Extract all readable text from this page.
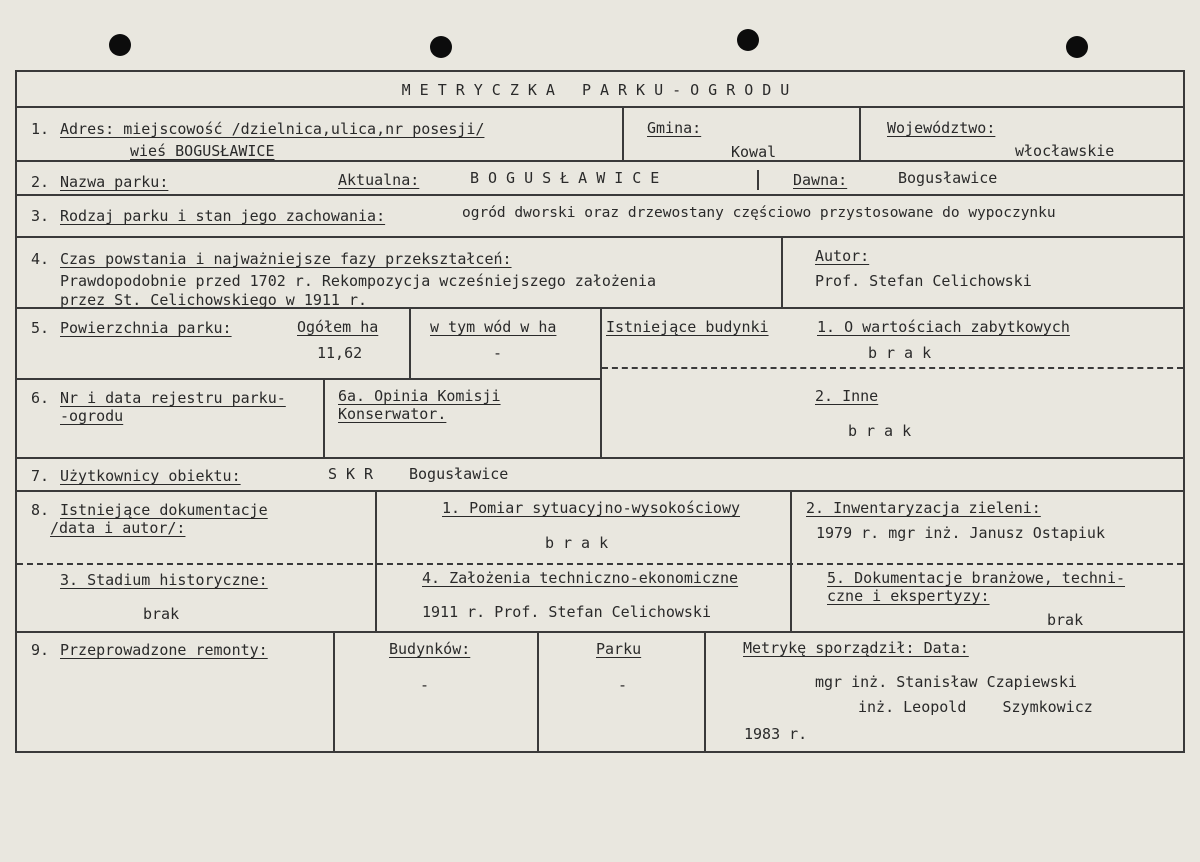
METRYCZKA PARKU-OGRODU
1. Adres: miejscowość /dzielnica,ulica,nr posesji/
wieś BOGUSŁAWICE
Gmina:
Kowal
Województwo:
włocławskie
2. Nazwa parku:	Aktualna:	BOGUSŁAWICE	Dawna:	Bogusławice
3. Rodzaj parku i stan jego zachowania:	ogród dworski oraz drzewostany częściowo przystosowane do wypoczynku
4. Czas powstania i najważniejsze fazy przekształceń:
Prawdopodobnie przed 1702 r. Rekompozycja wcześniejszego założenia
przez St. Celichowskiego w 1911 r.
Autor:
Prof. Stefan Celichowski
5. Powierzchnia parku:	Ogółem ha
11,62
w tym wód w ha
-
Istniejące budynki	1. O wartościach zabytkowych
brak
2. Inne
brak
6. Nr i data rejestru parku-
-ogrodu
6a. Opinia Komisji
Konserwator.
7. Użytkownicy obiektu:	SKR Bogusławice
8. Istniejące dokumentacje
/data i autor/:
1. Pomiar sytuacyjno-wysokościowy
brak
2. Inwentaryzacja zieleni:
1979 r. mgr inż. Janusz Ostapiuk
3. Stadium historyczne:
brak
4. Założenia techniczno-ekonomiczne
1911 r. Prof. Stefan Celichowski
5. Dokumentacje branżowe, techni-
czne i ekspertyzy:
brak
9. Przeprowadzone remonty:	Budynków:
-
Parku
-
Metrykę sporządził: Data:
mgr inż. Stanisław Czapiewski
inż. Leopold    Szymkowicz
1983 r.
